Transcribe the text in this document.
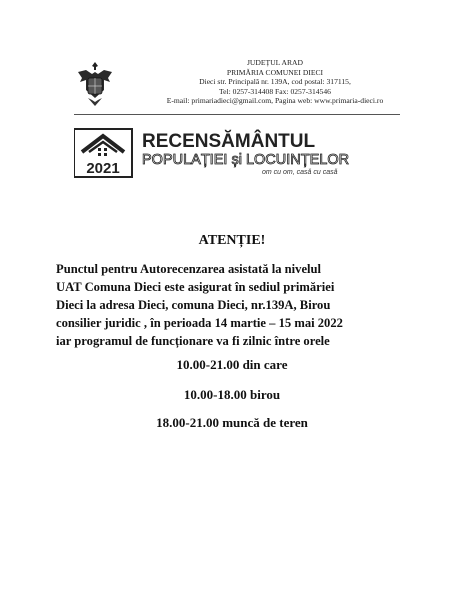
JUDEȚUL ARAD
PRIMĂRIA COMUNEI DIECI
Dieci str. Principală nr. 139A, cod postal: 317115,
Tel: 0257-314408 Fax: 0257-314546
E-mail: primariadieci@gmail.com, Pagina web: www.primaria-dieci.ro
2021
RECENSĂMÂNTUL
POPULAȚIEI și LOCUINȚELOR
om cu om, casă cu casă
ATENȚIE!
Punctul pentru Autorecenzarea asistată la nivelul
UAT Comuna Dieci este asigurat în sediul primăriei
Dieci la adresa Dieci, comuna Dieci, nr.139A, Birou
consilier juridic , în perioada 14 martie – 15 mai 2022
iar programul de funcționare va fi zilnic între orele
10.00-21.00 din care
10.00-18.00 birou
18.00-21.00 muncă de teren
